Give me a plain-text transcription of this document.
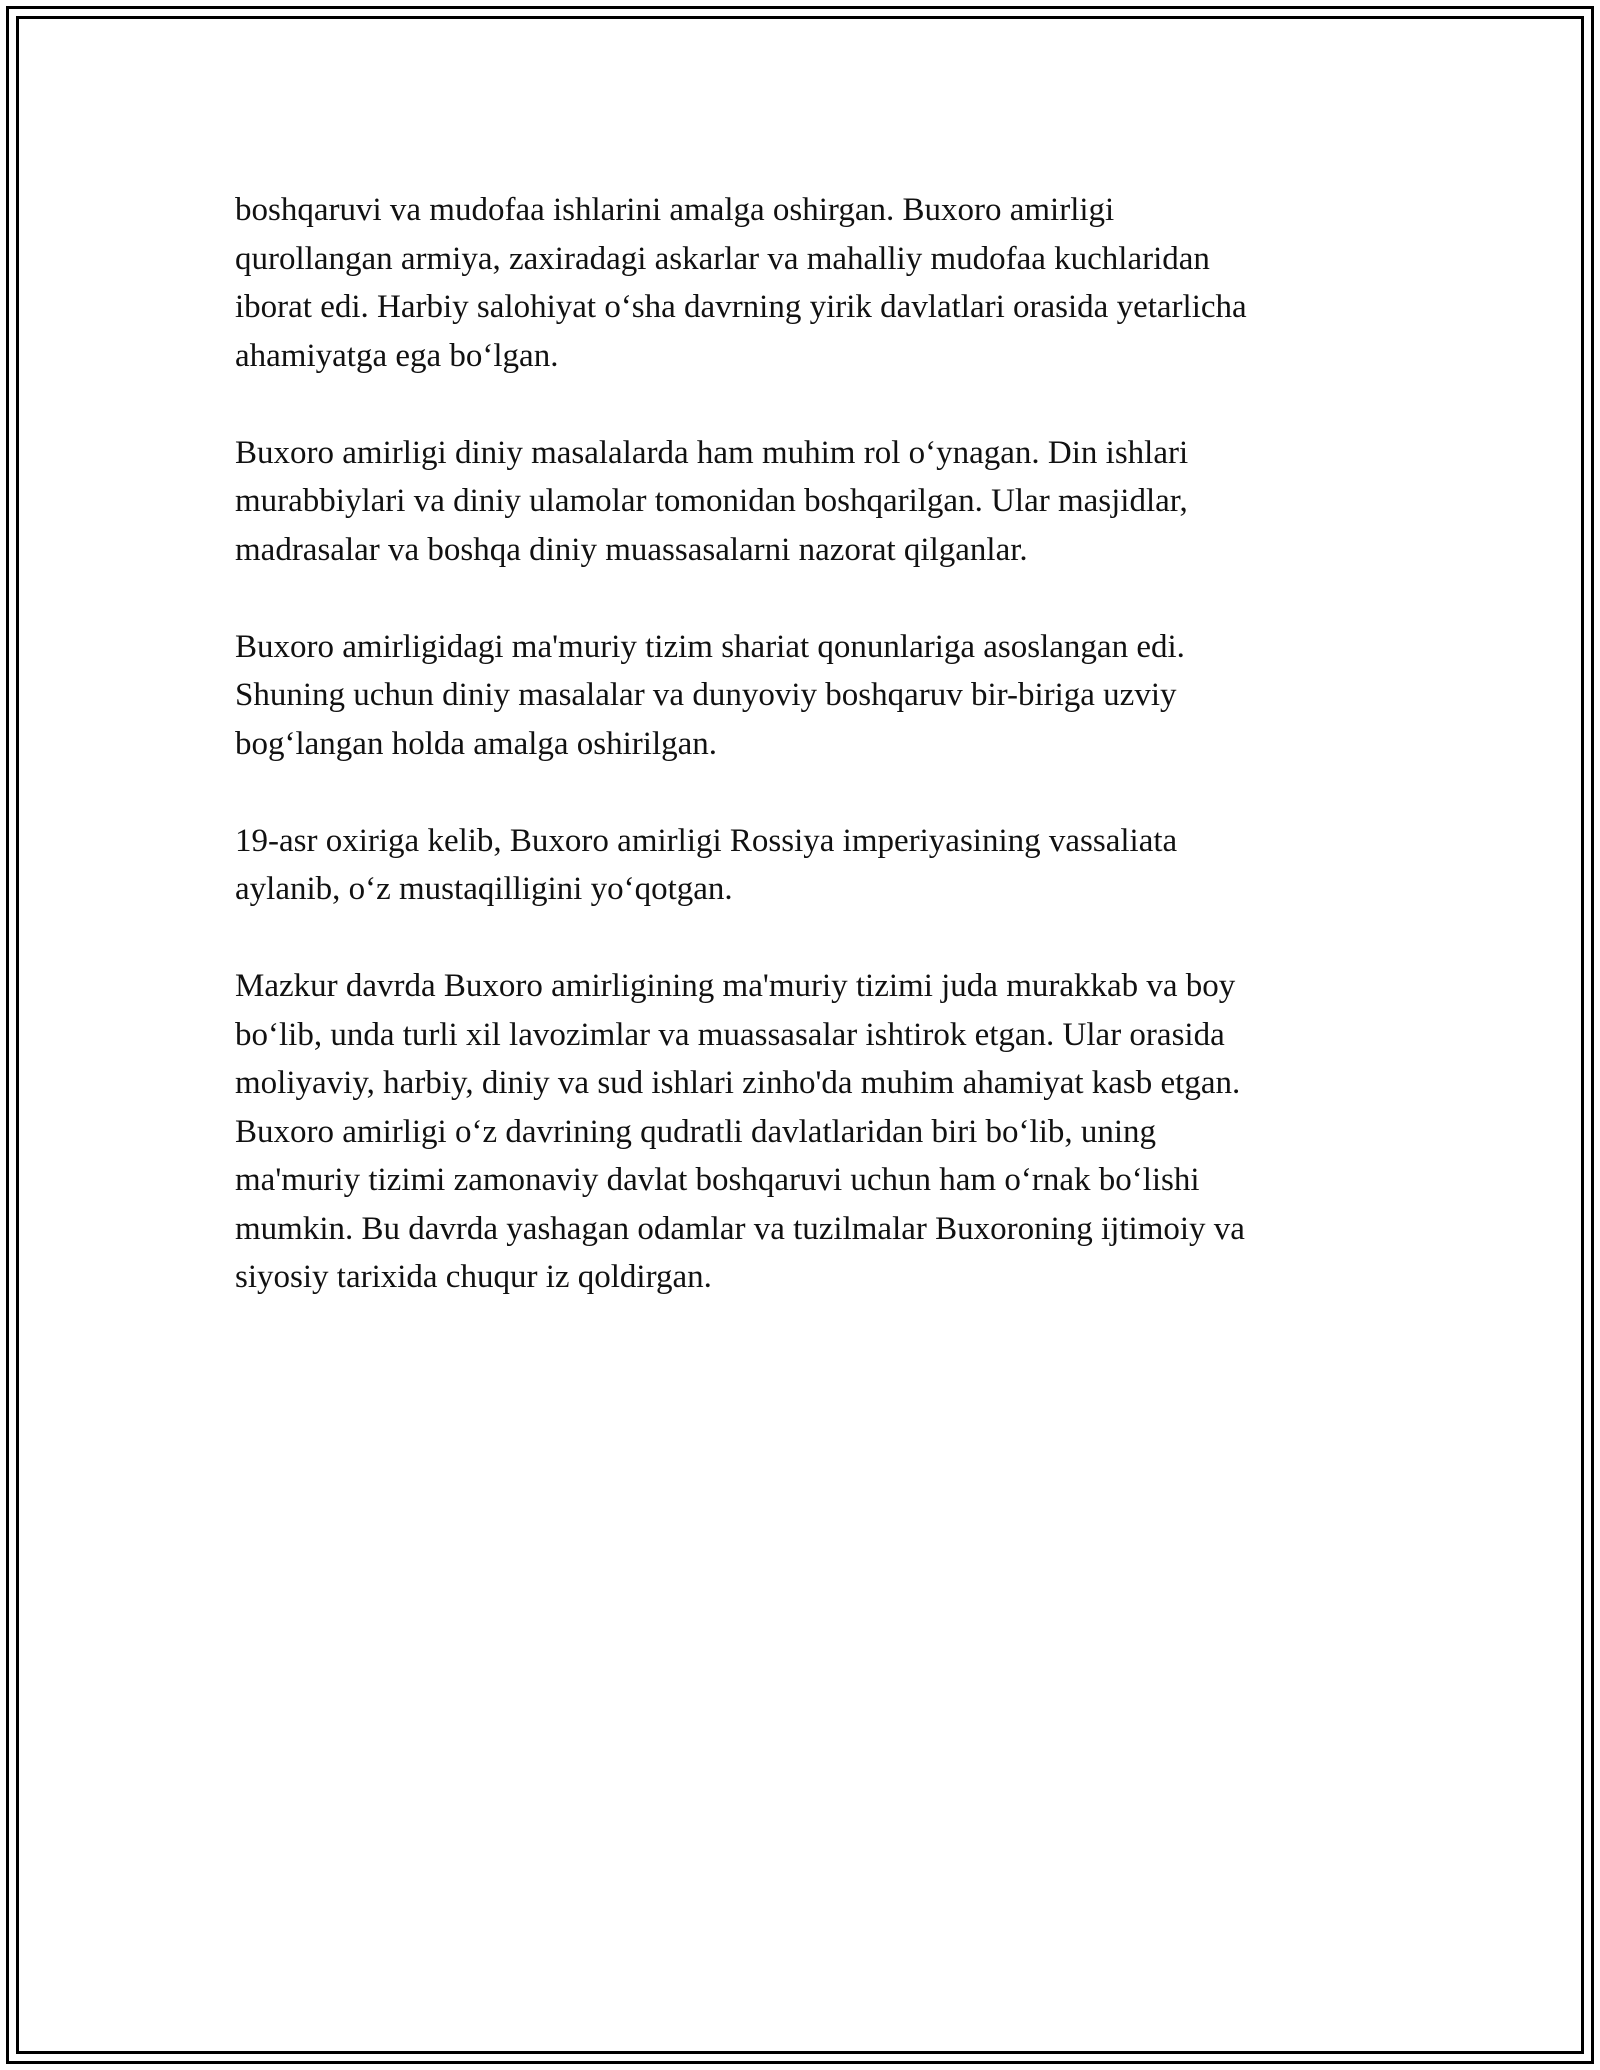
boshqaruvi va mudofaa ishlarini amalga oshirgan. Buxoro amirligi
qurollangan armiya, zaxiradagi askarlar va mahalliy mudofaa kuchlaridan
iborat edi. Harbiy salohiyat o‘sha davrning yirik davlatlari orasida yetarlicha
ahamiyatga ega bo‘lgan.

Buxoro amirligi diniy masalalarda ham muhim rol o‘ynagan. Din ishlari
murabbiylari va diniy ulamolar tomonidan boshqarilgan. Ular masjidlar,
madrasalar va boshqa diniy muassasalarni nazorat qilganlar.

Buxoro amirligidagi ma'muriy tizim shariat qonunlariga asoslangan edi.
Shuning uchun diniy masalalar va dunyoviy boshqaruv bir-biriga uzviy
bog‘langan holda amalga oshirilgan.

19-asr oxiriga kelib, Buxoro amirligi Rossiya imperiyasining vassaliata
aylanib, o‘z mustaqilligini yo‘qotgan.

Mazkur davrda Buxoro amirligining ma'muriy tizimi juda murakkab va boy
bo‘lib, unda turli xil lavozimlar va muassasalar ishtirok etgan. Ular orasida
moliyaviy, harbiy, diniy va sud ishlari zinho'da muhim ahamiyat kasb etgan.
Buxoro amirligi o‘z davrining qudratli davlatlaridan biri bo‘lib, uning
ma'muriy tizimi zamonaviy davlat boshqaruvi uchun ham o‘rnak bo‘lishi
mumkin. Bu davrda yashagan odamlar va tuzilmalar Buxoroning ijtimoiy va
siyosiy tarixida chuqur iz qoldirgan.
